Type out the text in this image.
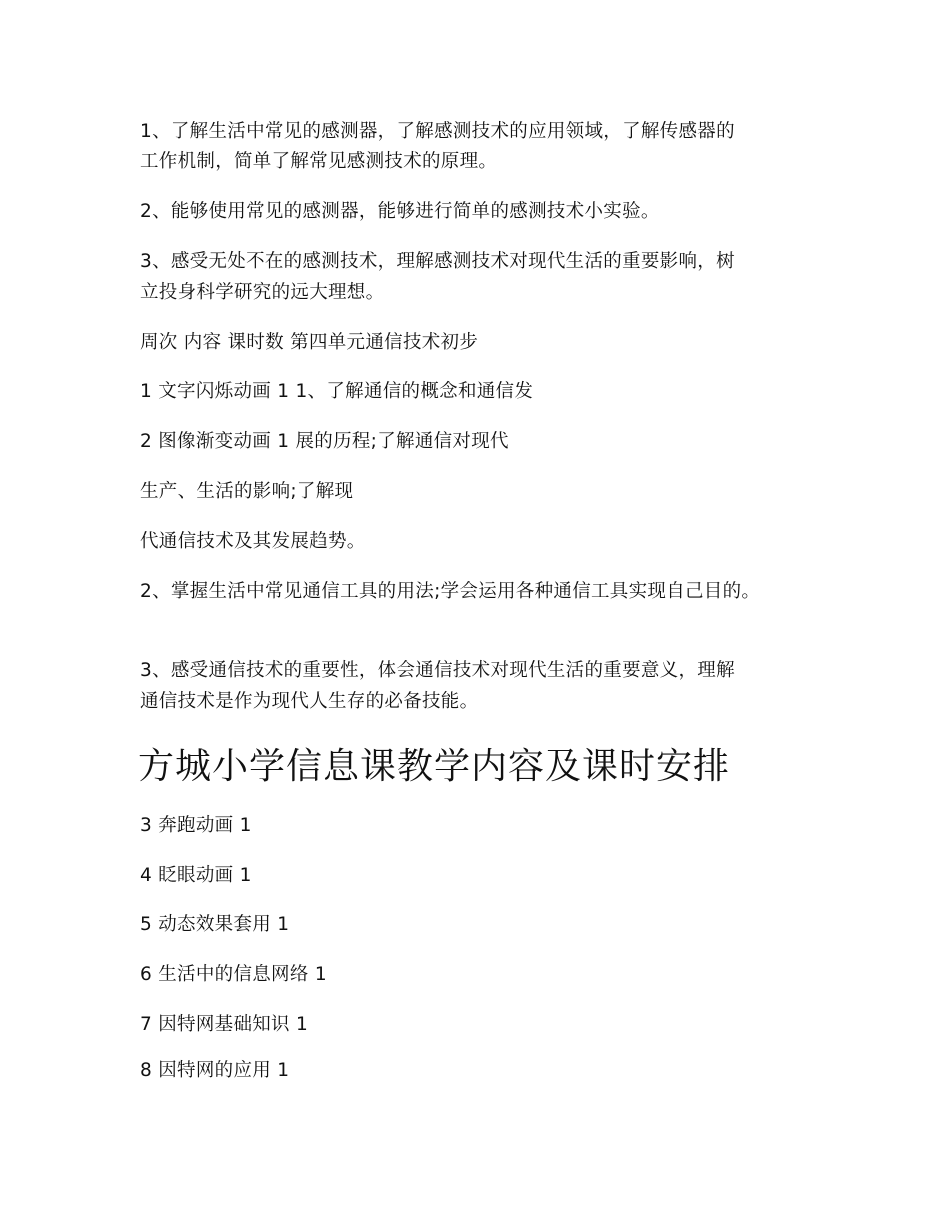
1、了解生活中常见的感测器，了解感测技术的应用领域，了解传感器的

工作机制，简单了解常见感测技术的原理。

2、能够使用常见的感测器，能够进行简单的感测技术小实验。

3、感受无处不在的感测技术，理解感测技术对现代生活的重要影响，树

立投身科学研究的远大理想。

周次 内容 课时数 第四单元通信技术初步

1 文字闪烁动画 1 1、了解通信的概念和通信发

2 图像渐变动画 1 展的历程;了解通信对现代

生产、生活的影响;了解现

代通信技术及其发展趋势。

2、掌握生活中常见通信工具的用法;学会运用各种通信工具实现自己目的。

3、感受通信技术的重要性，体会通信技术对现代生活的重要意义，理解

通信技术是作为现代人生存的必备技能。

方城小学信息课教学内容及课时安排

3 奔跑动画 1

4 眨眼动画 1

5 动态效果套用 1

6 生活中的信息网络 1

7 因特网基础知识 1

8 因特网的应用 1
